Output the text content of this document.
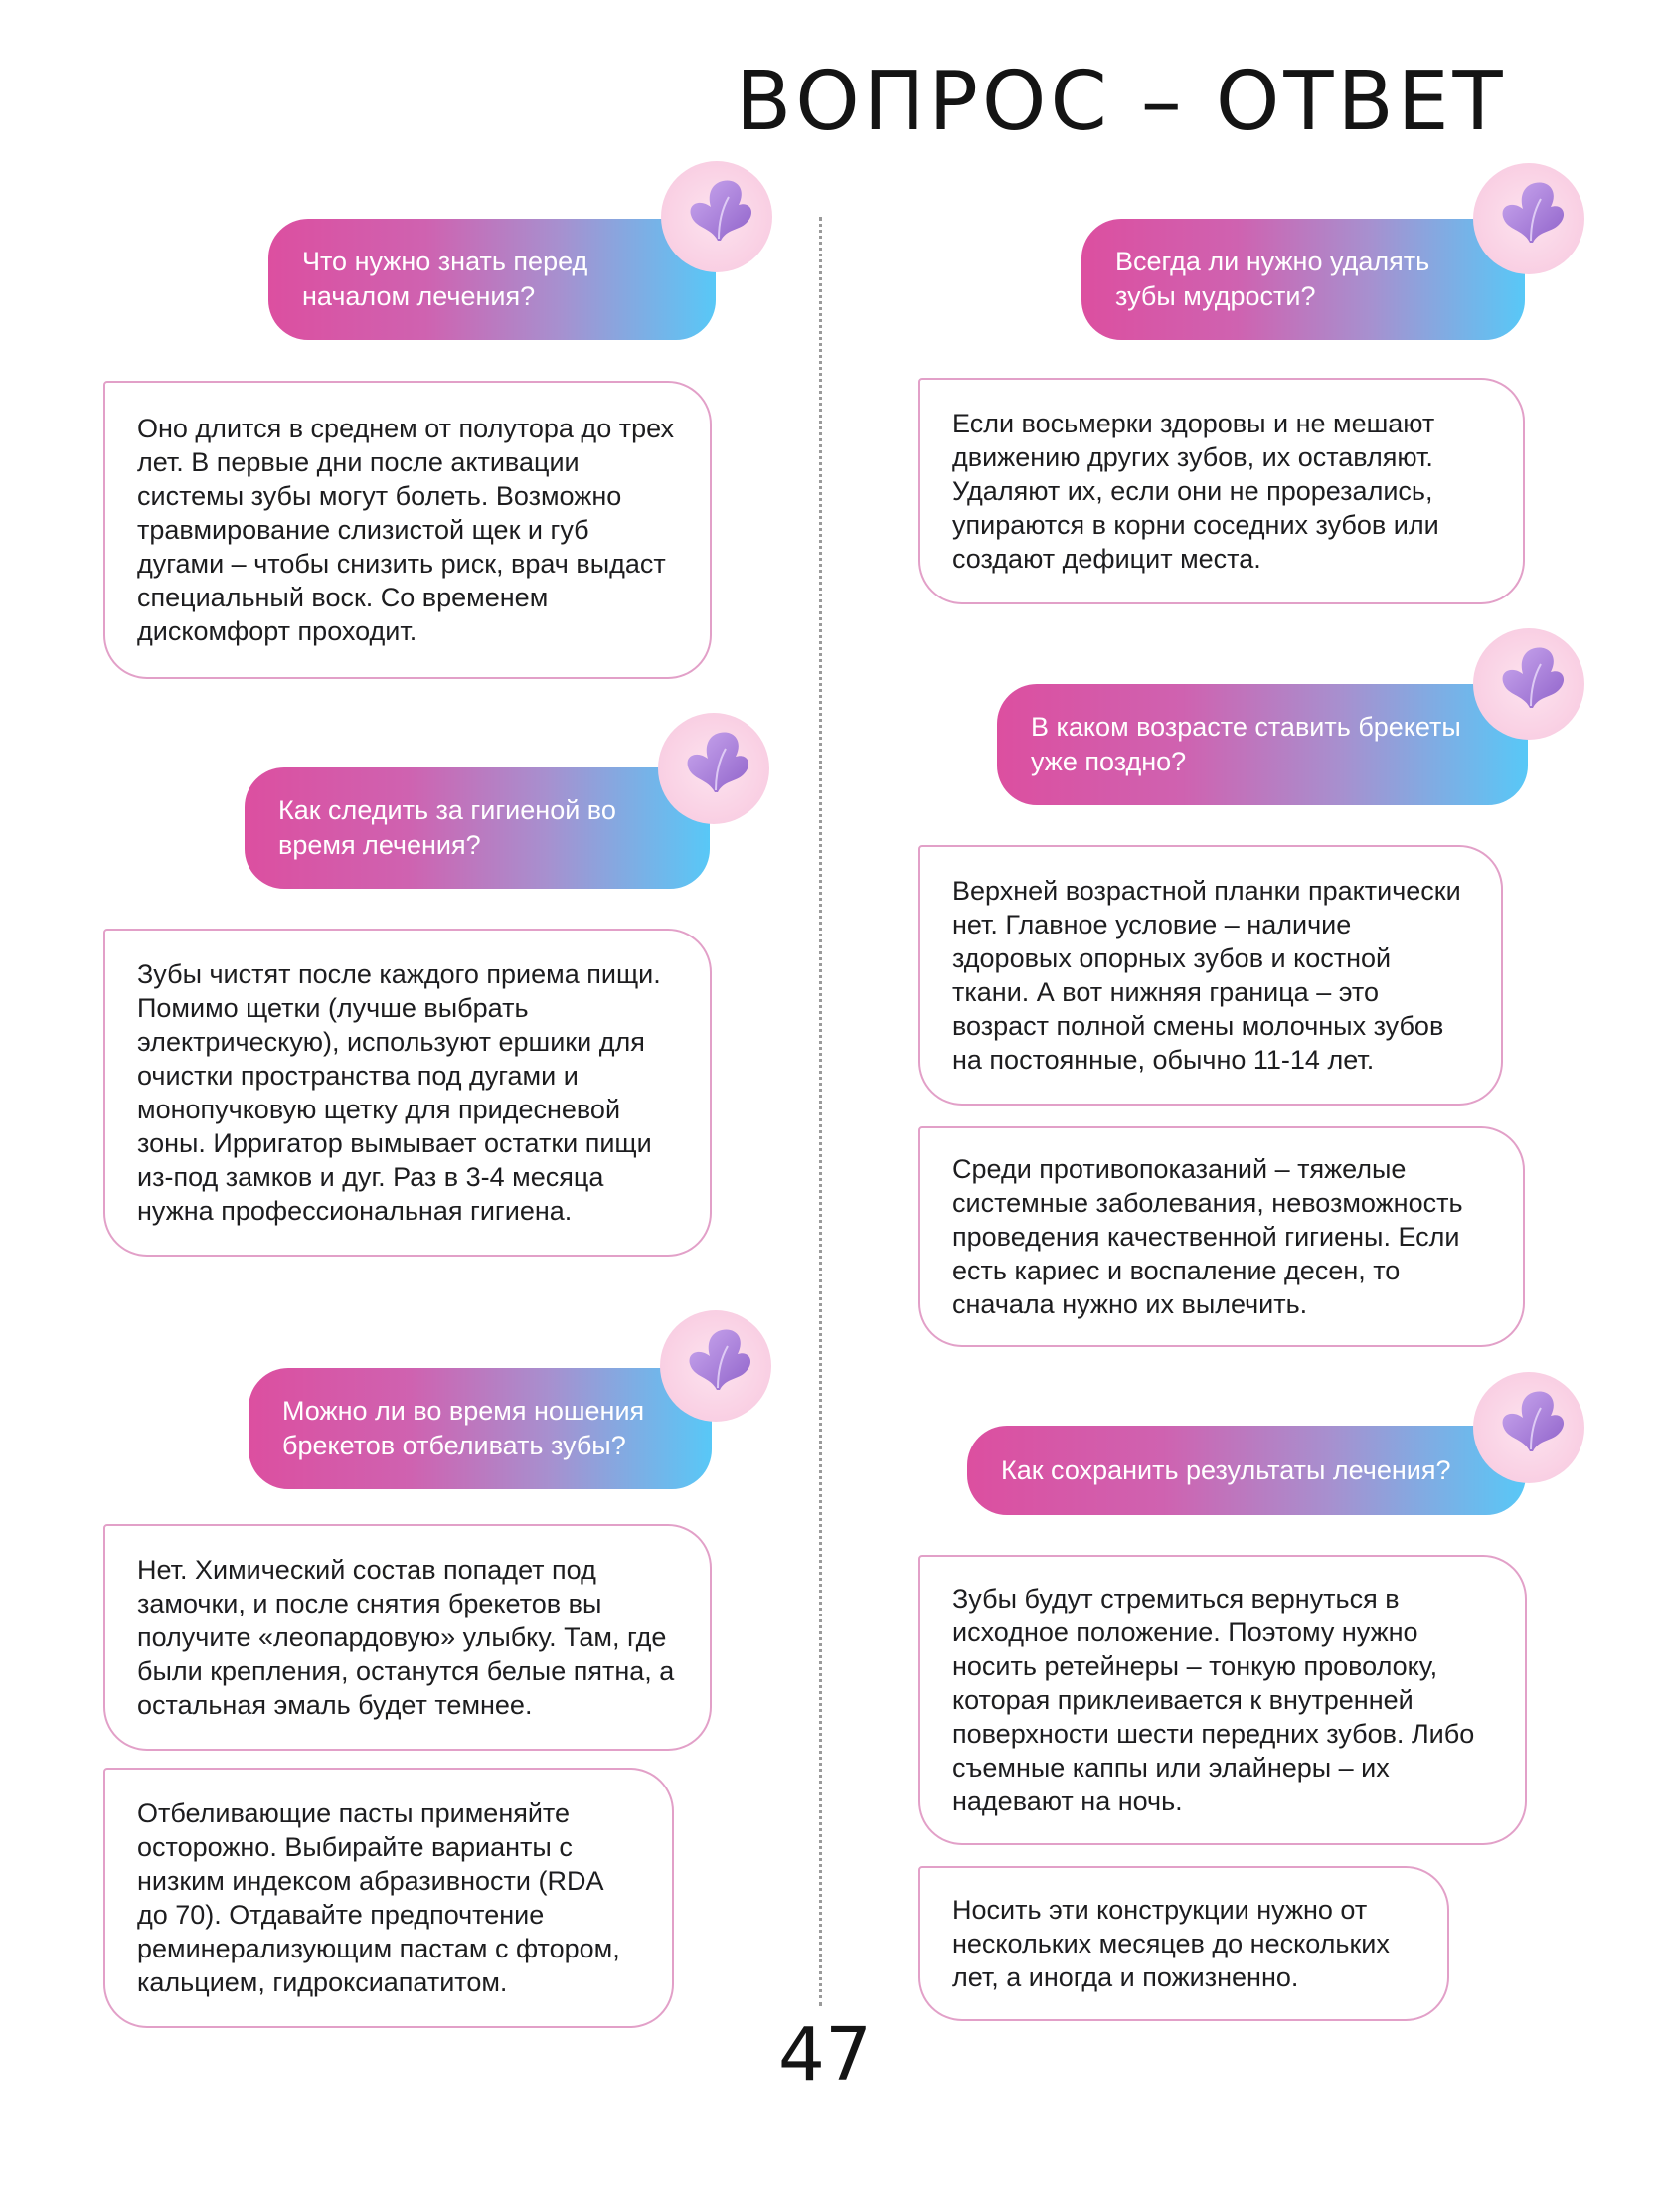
ВОПРОС – ОТВЕТ
Что нужно знать перед началом лечения?
Оно длится в среднем от полутора до трех лет. В первые дни после активации системы зубы могут болеть. Возможно травмирование слизистой щек и губ дугами – чтобы снизить риск, врач выдаст специальный воск. Со временем дискомфорт проходит.
Как следить за гигиеной во время лечения?
Зубы чистят после каждого приема пищи. Помимо щетки (лучше выбрать электрическую), используют ершики для очистки пространства под дугами и монопучковую щетку для придесневой зоны. Ирригатор вымывает остатки пищи из-под замков и дуг. Раз в 3-4 месяца нужна профессиональная гигиена.
Можно ли во время ношения брекетов отбеливать зубы?
Нет. Химический состав попадет под замочки, и после снятия брекетов вы получите «леопардовую» улыбку. Там, где были крепления, останутся белые пятна, а остальная эмаль будет темнее.
Отбеливающие пасты применяйте осторожно. Выбирайте варианты с низким индексом абразивности (RDA до 70). Отдавайте предпочтение реминерализующим пастам с фтором, кальцием, гидроксиапатитом.
Всегда ли нужно удалять зубы мудрости?
Если восьмерки здоровы и не мешают движению других зубов, их оставляют. Удаляют их, если они не прорезались, упираются в корни соседних зубов или создают дефицит места.
В каком возрасте ставить брекеты уже поздно?
Верхней возрастной планки практически нет. Главное условие – наличие здоровых опорных зубов и костной ткани. А вот нижняя граница – это возраст полной смены молочных зубов на постоянные, обычно 11-14 лет.
Среди противопоказаний – тяжелые системные заболевания, невозможность проведения качественной гигиены. Если есть кариес и воспаление десен, то сначала нужно их вылечить.
Как сохранить результаты лечения?
Зубы будут стремиться вернуться в исходное положение. Поэтому нужно носить ретейнеры – тонкую проволоку, которая приклеивается к внутренней поверхности шести передних зубов. Либо съемные каппы или элайнеры – их надевают на ночь.
Носить эти конструкции нужно от нескольких месяцев до нескольких лет, а иногда и пожизненно.
47
